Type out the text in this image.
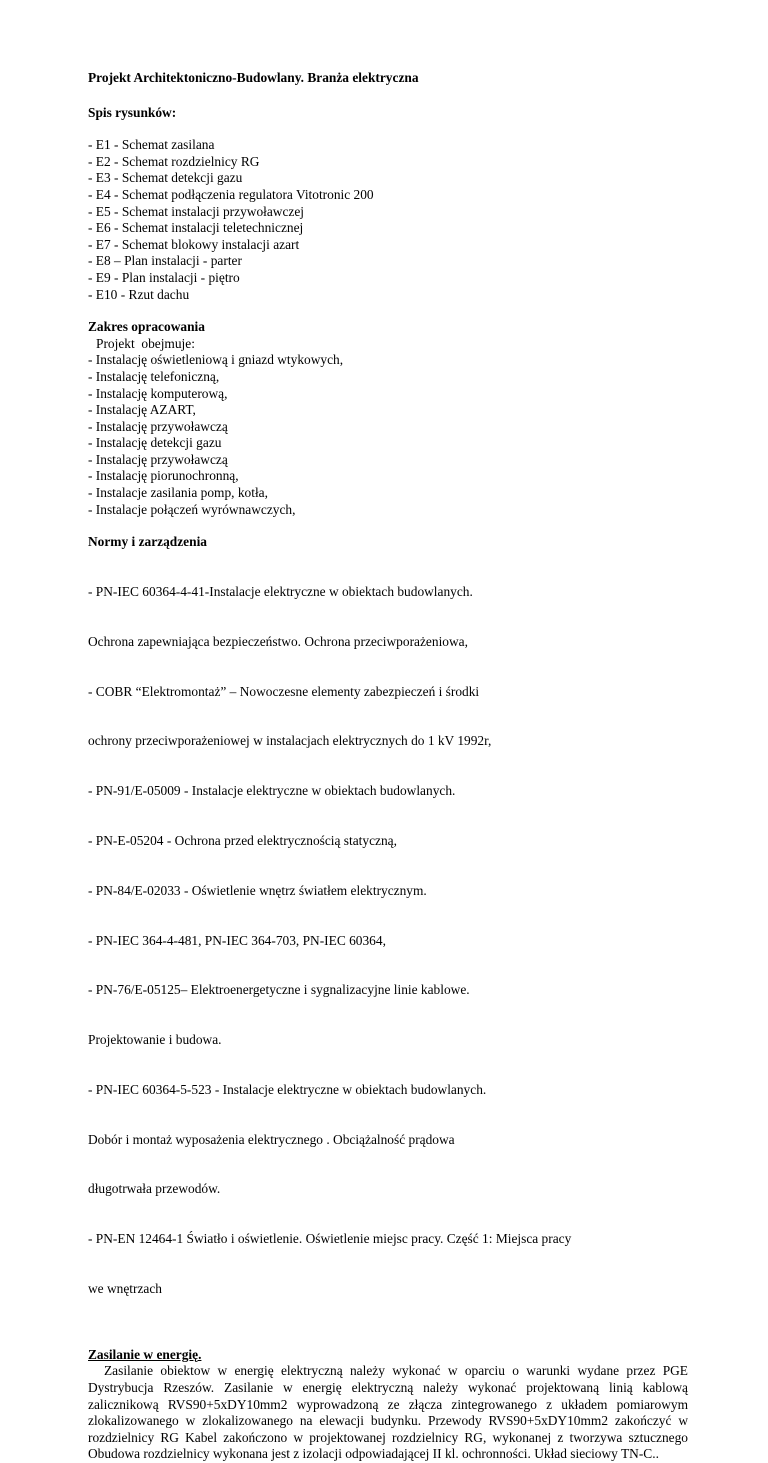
Projekt Architektoniczno-Budowlany. Branża elektryczna

Spis rysunków:

- E1 - Schemat zasilana

- E2 - Schemat rozdzielnicy RG

- E3 - Schemat detekcji gazu

- E4 - Schemat podłączenia regulatora Vitotronic 200

- E5 - Schemat instalacji przywoławczej

- E6 - Schemat instalacji teletechnicznej

- E7 - Schemat blokowy instalacji azart

- E8 – Plan instalacji - parter

- E9 - Plan instalacji - piętro

- E10 - Rzut dachu

Zakres opracowania

Projekt  obejmuje:

- Instalację oświetleniową i gniazd wtykowych,

- Instalację telefoniczną,

- Instalację komputerową,

- Instalację AZART,

- Instalację przywoławczą

- Instalację detekcji gazu

- Instalację przywoławczą

- Instalację piorunochronną,

- Instalacje zasilania pomp, kotła,

- Instalacje połączeń wyrównawczych,

Normy i zarządzenia

- PN-IEC 60364-4-41-Instalacje elektryczne w obiektach budowlanych.

Ochrona zapewniająca bezpieczeństwo. Ochrona przeciwporażeniowa,

- COBR “Elektromontaż” – Nowoczesne elementy zabezpieczeń i środki

ochrony przeciwporażeniowej w instalacjach elektrycznych do 1 kV 1992r,

- PN-91/E-05009 - Instalacje elektryczne w obiektach budowlanych.

- PN-E-05204 - Ochrona przed elektrycznością statyczną,

- PN-84/E-02033 - Oświetlenie wnętrz światłem elektrycznym.

- PN-IEC 364-4-481, PN-IEC 364-703, PN-IEC 60364,

- PN-76/E-05125– Elektroenergetyczne i sygnalizacyjne linie kablowe.

Projektowanie i budowa.

- PN-IEC 60364-5-523 - Instalacje elektryczne w obiektach budowlanych.

Dobór i montaż wyposażenia elektrycznego . Obciążalność prądowa

długotrwała przewodów.

- PN-EN 12464-1 Światło i oświetlenie. Oświetlenie miejsc pracy. Część 1: Miejsca pracy

we wnętrzach

Zasilanie w energię.

Zasilanie obiektow w energię elektryczną należy wykonać w oparciu o warunki wydane przez PGE Dystrybucja Rzeszów. Zasilanie w energię elektryczną należy wykonać projektowaną linią kablową zalicznikową RVS90+5xDY10mm2 wyprowadzoną ze złącza zintegrowanego z układem pomiarowym zlokalizowanego w zlokalizowanego na elewacji budynku. Przewody RVS90+5xDY10mm2 zakończyć w rozdzielnicy RG Kabel zakończono w projektowanej rozdzielnicy RG, wykonanej z tworzywa sztucznego Obudowa rozdzielnicy wykonana jest z izolacji odpowiadającej II kl. ochronności. Układ sieciowy TN-C..
